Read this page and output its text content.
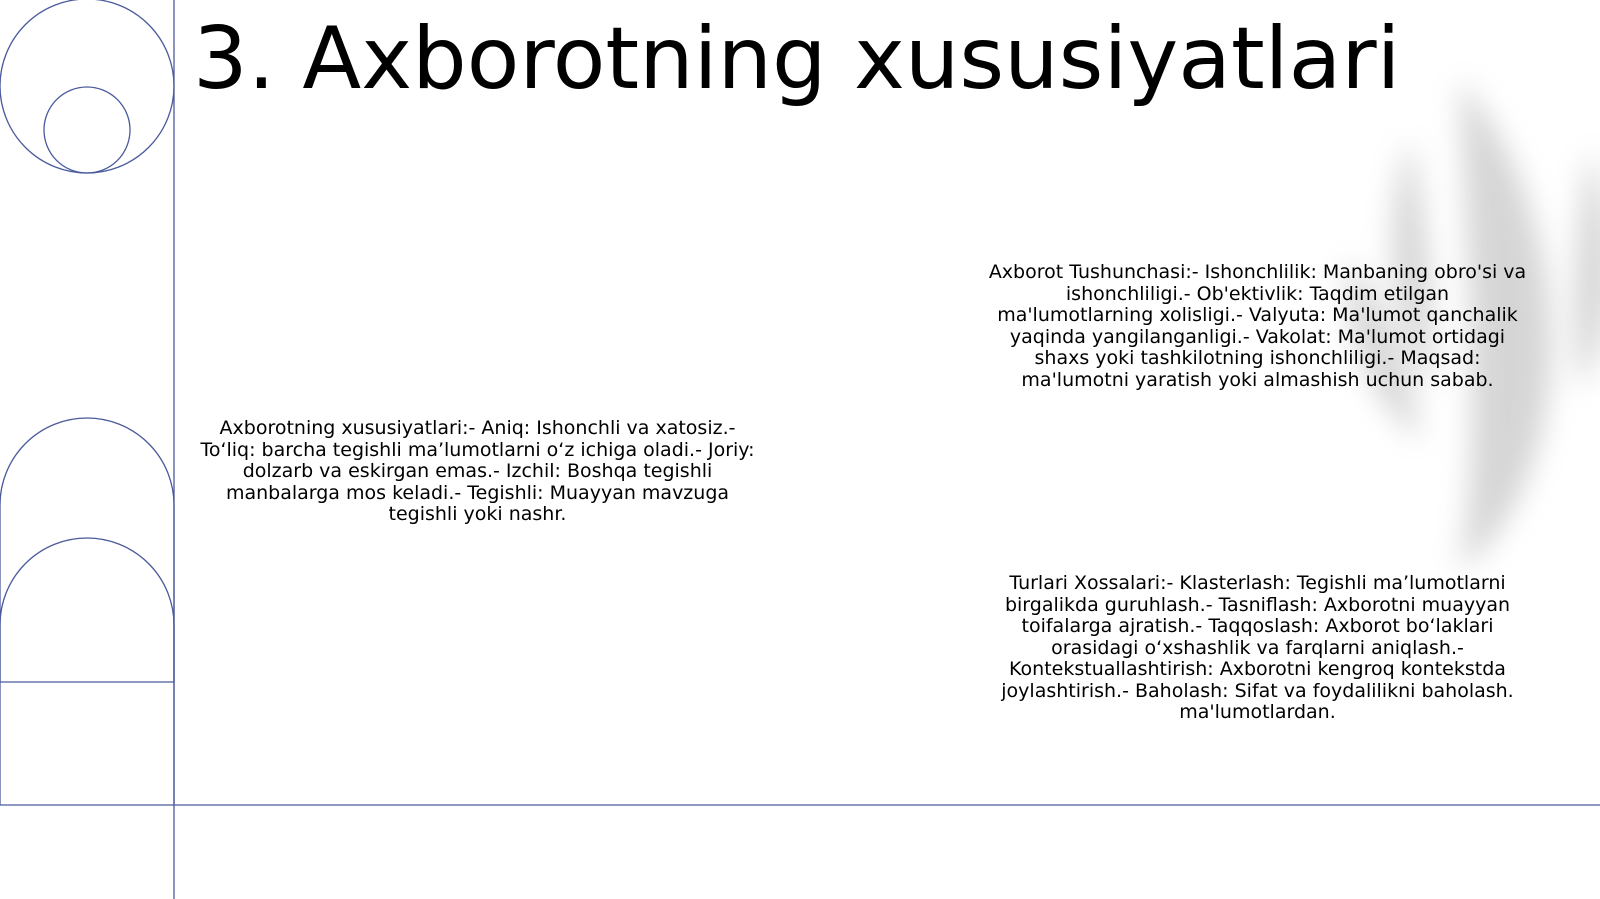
3. Axborotning xususiyatlari
Axborotning xususiyatlari:- Aniq: Ishonchli va xatosiz.- To‘liq: barcha tegishli ma’lumotlarni o‘z ichiga oladi.- Joriy: dolzarb va eskirgan emas.- Izchil: Boshqa tegishli manbalarga mos keladi.- Tegishli: Muayyan mavzuga tegishli yoki nashr.
Axborot Tushunchasi:- Ishonchlilik: Manbaning obro'si va ishonchliligi.- Ob'ektivlik: Taqdim etilgan ma'lumotlarning xolisligi.- Valyuta: Ma'lumot qanchalik yaqinda yangilanganligi.- Vakolat: Ma'lumot ortidagi shaxs yoki tashkilotning ishonchliligi.- Maqsad: ma'lumotni yaratish yoki almashish uchun sabab.
Turlari Xossalari:- Klasterlash: Tegishli ma’lumotlarni birgalikda guruhlash.- Tasniflash: Axborotni muayyan toifalarga ajratish.- Taqqoslash: Axborot bo‘laklari orasidagi o‘xshashlik va farqlarni aniqlash.- Kontekstuallashtirish: Axborotni kengroq kontekstda joylashtirish.- Baholash: Sifat va foydalilikni baholash. ma'lumotlardan.
